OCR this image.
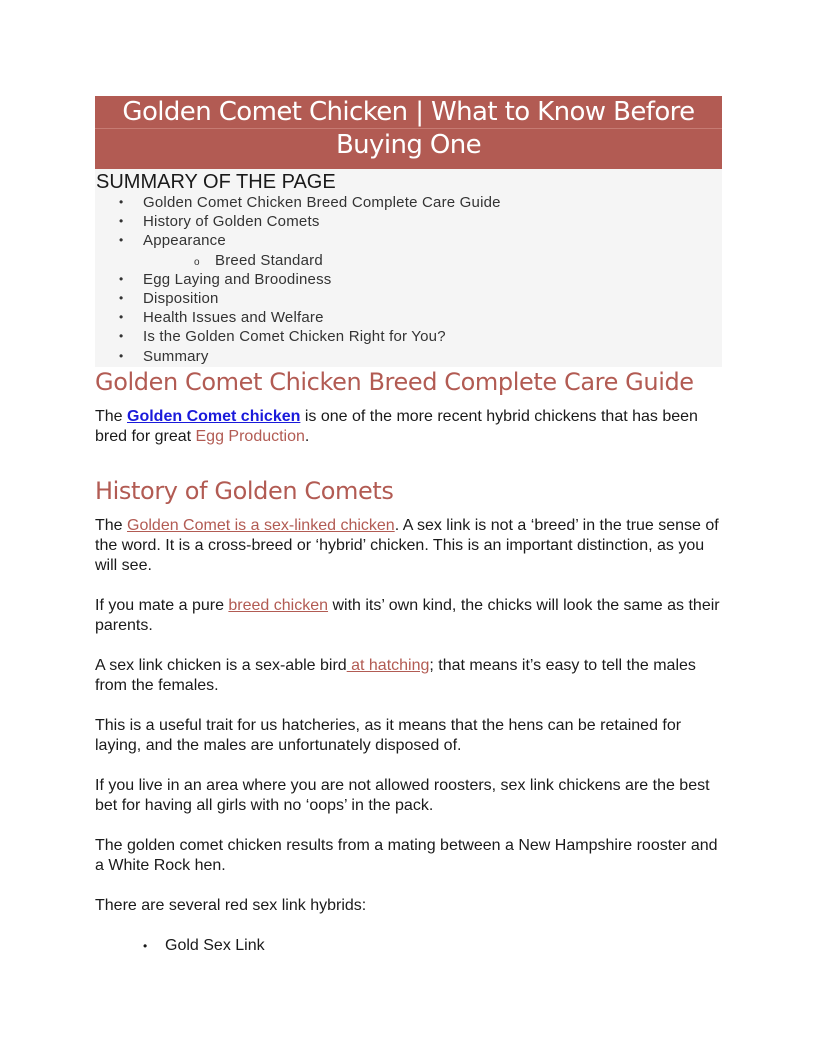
Golden Comet Chicken | What to Know Before
Buying One
SUMMARY OF THE PAGE
• Golden Comet Chicken Breed Complete Care Guide
• History of Golden Comets
• Appearance
o Breed Standard
• Egg Laying and Broodiness
• Disposition
• Health Issues and Welfare
• Is the Golden Comet Chicken Right for You?
• Summary
Golden Comet Chicken Breed Complete Care Guide

The Golden Comet chicken is one of the more recent hybrid chickens that has been bred for great Egg Production.

History of Golden Comets

The Golden Comet is a sex-linked chicken. A sex link is not a ‘breed’ in the true sense of the word. It is a cross-breed or ‘hybrid’ chicken. This is an important distinction, as you will see.

If you mate a pure breed chicken with its’ own kind, the chicks will look the same as their parents.

A sex link chicken is a sex-able bird at hatching; that means it’s easy to tell the males from the females.

This is a useful trait for us hatcheries, as it means that the hens can be retained for laying, and the males are unfortunately disposed of.

If you live in an area where you are not allowed roosters, sex link chickens are the best bet for having all girls with no ‘oops’ in the pack.

The golden comet chicken results from a mating between a New Hampshire rooster and a White Rock hen.

There are several red sex link hybrids:

• Gold Sex Link
